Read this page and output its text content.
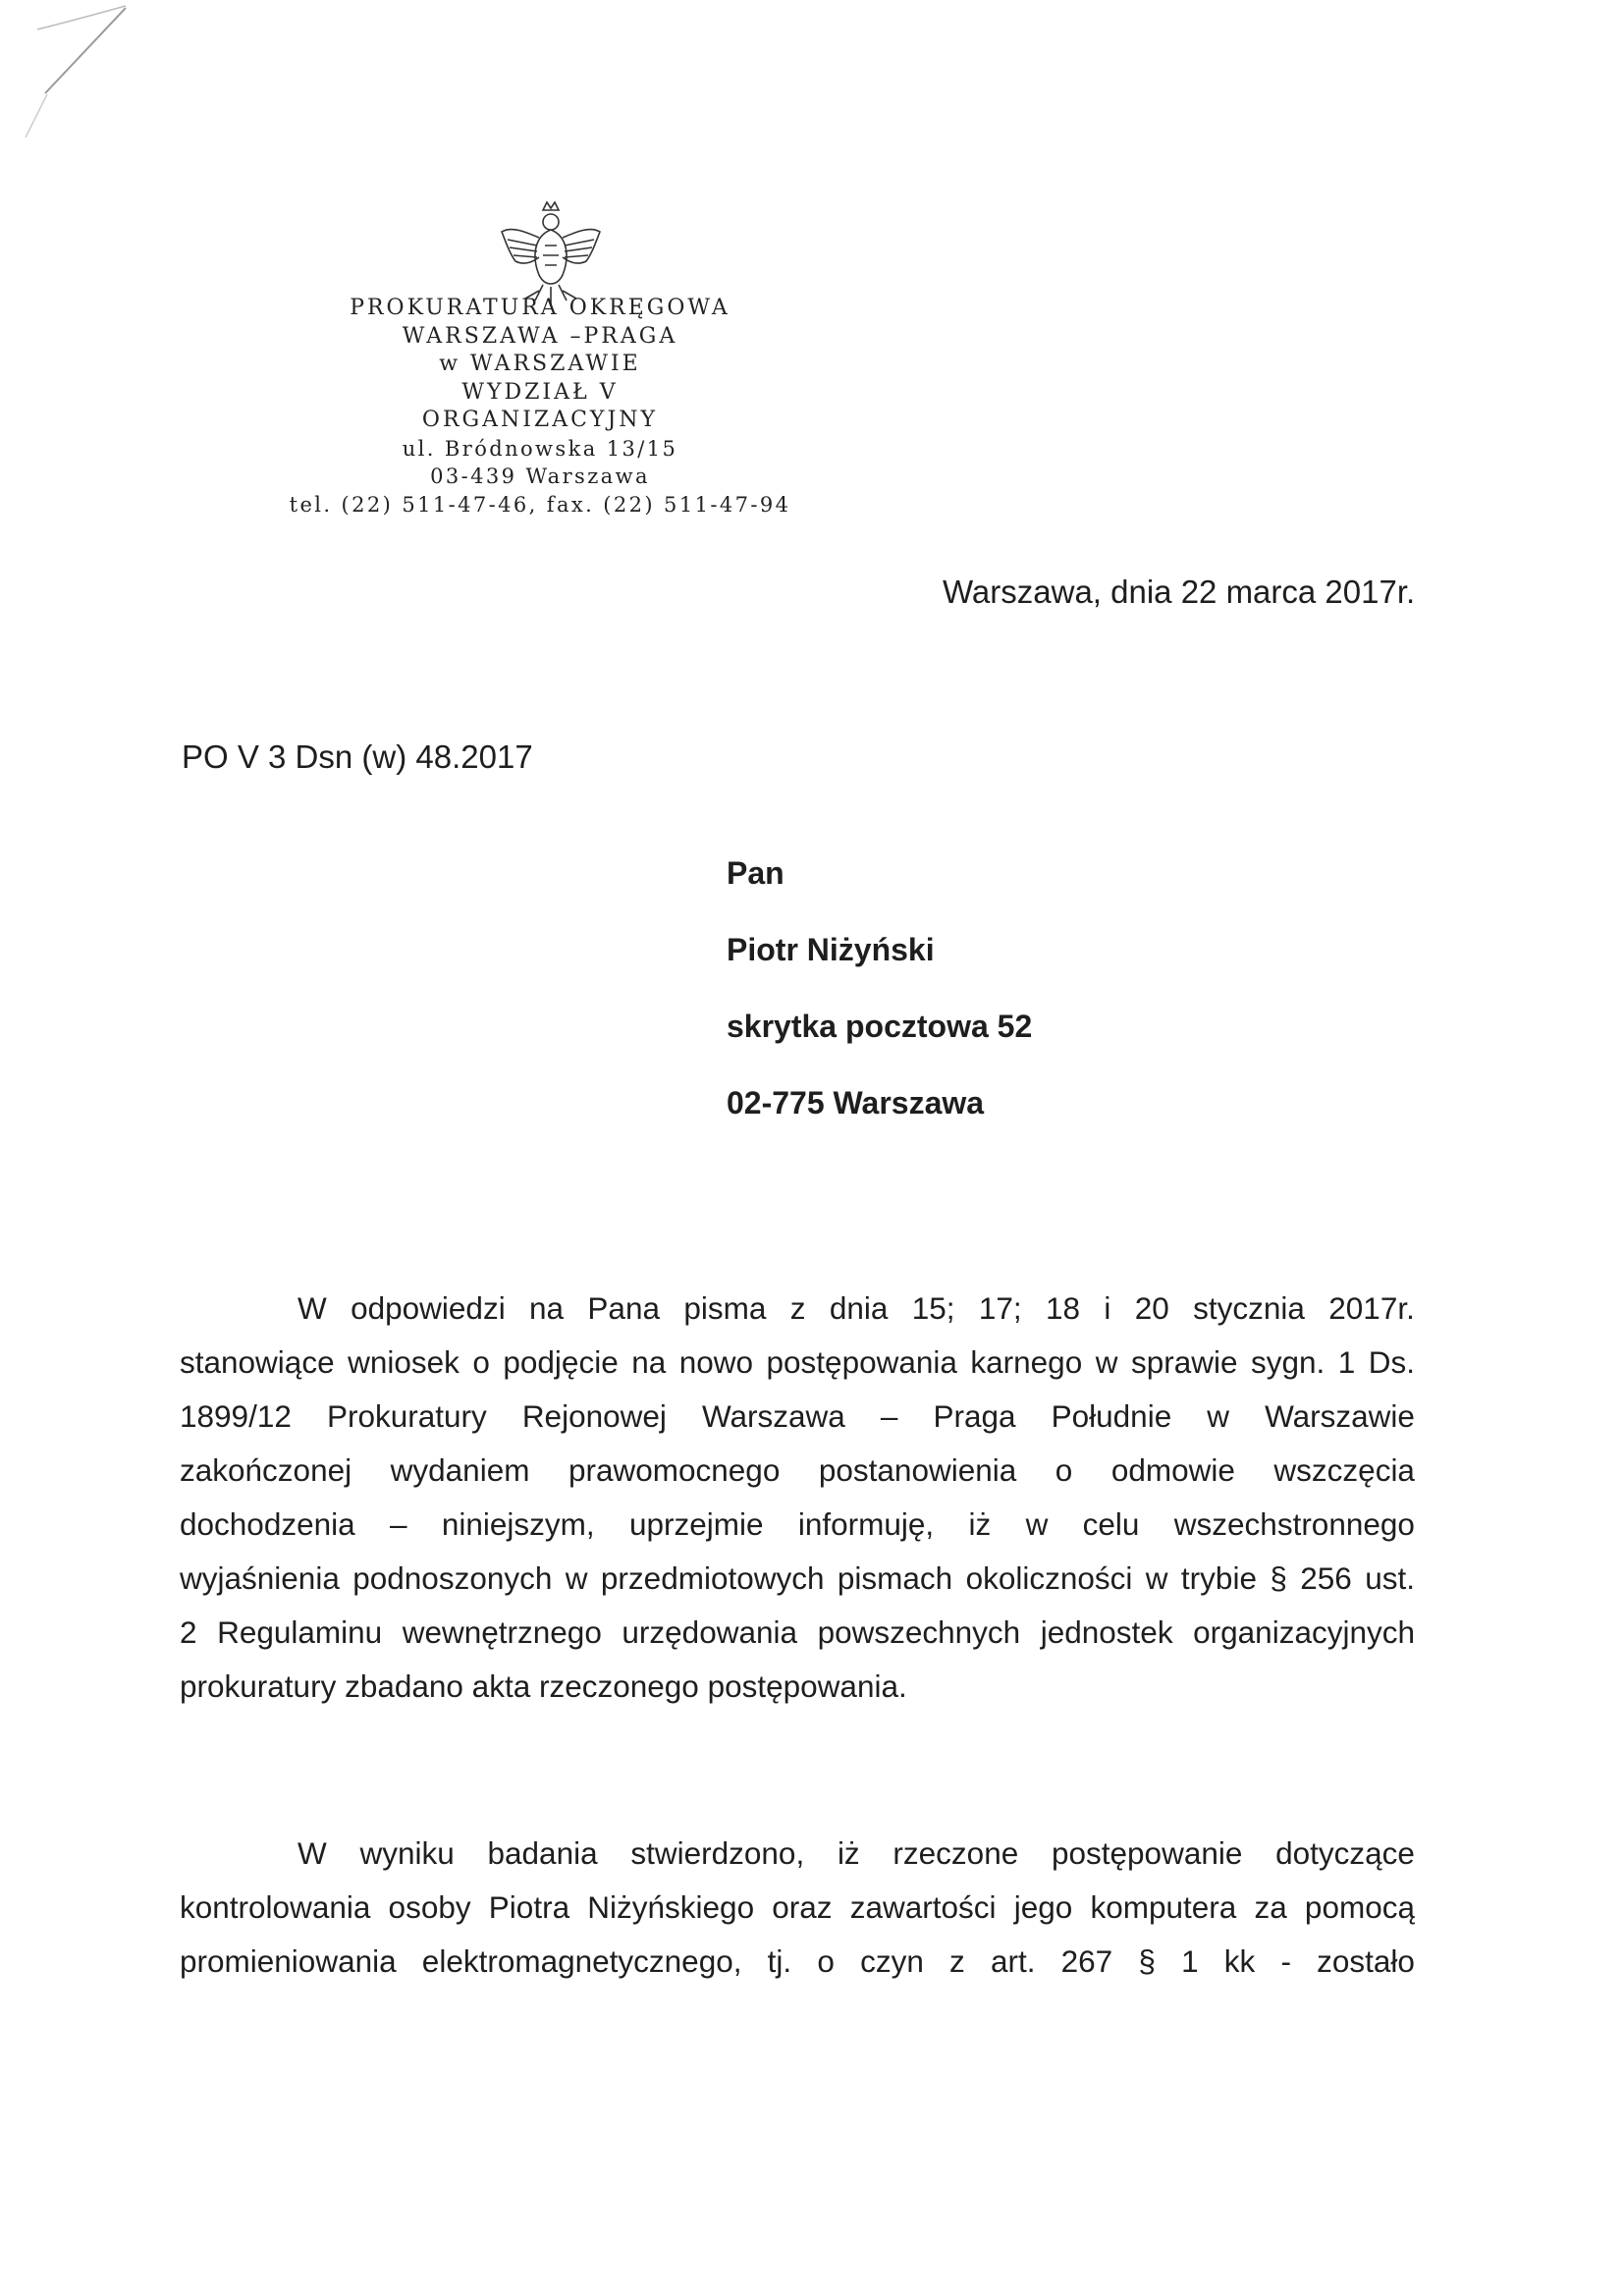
PROKURATURA OKRĘGOWA
WARSZAWA –PRAGA
w WARSZAWIE
WYDZIAŁ V
ORGANIZACYJNY
ul. Bródnowska 13/15
03-439 Warszawa
tel. (22) 511-47-46, fax. (22) 511-47-94
Warszawa, dnia 22 marca 2017r.
PO V 3 Dsn (w) 48.2017
Pan
Piotr Niżyński
skrytka pocztowa 52
02-775 Warszawa
W odpowiedzi na Pana pisma z dnia 15; 17; 18 i 20 stycznia 2017r.
stanowiące wniosek o podjęcie na nowo postępowania karnego w sprawie sygn. 1 Ds.
1899/12 Prokuratury Rejonowej Warszawa – Praga Południe w Warszawie
zakończonej wydaniem prawomocnego postanowienia o odmowie wszczęcia
dochodzenia – niniejszym, uprzejmie informuję, iż w celu wszechstronnego
wyjaśnienia podnoszonych w przedmiotowych pismach okoliczności w trybie § 256 ust.
2 Regulaminu wewnętrznego urzędowania powszechnych jednostek organizacyjnych
prokuratury zbadano akta rzeczonego postępowania.
W wyniku badania stwierdzono, iż rzeczone postępowanie dotyczące
kontrolowania osoby Piotra Niżyńskiego oraz zawartości jego komputera za pomocą
promieniowania elektromagnetycznego, tj. o czyn z art. 267 § 1 kk - zostało
